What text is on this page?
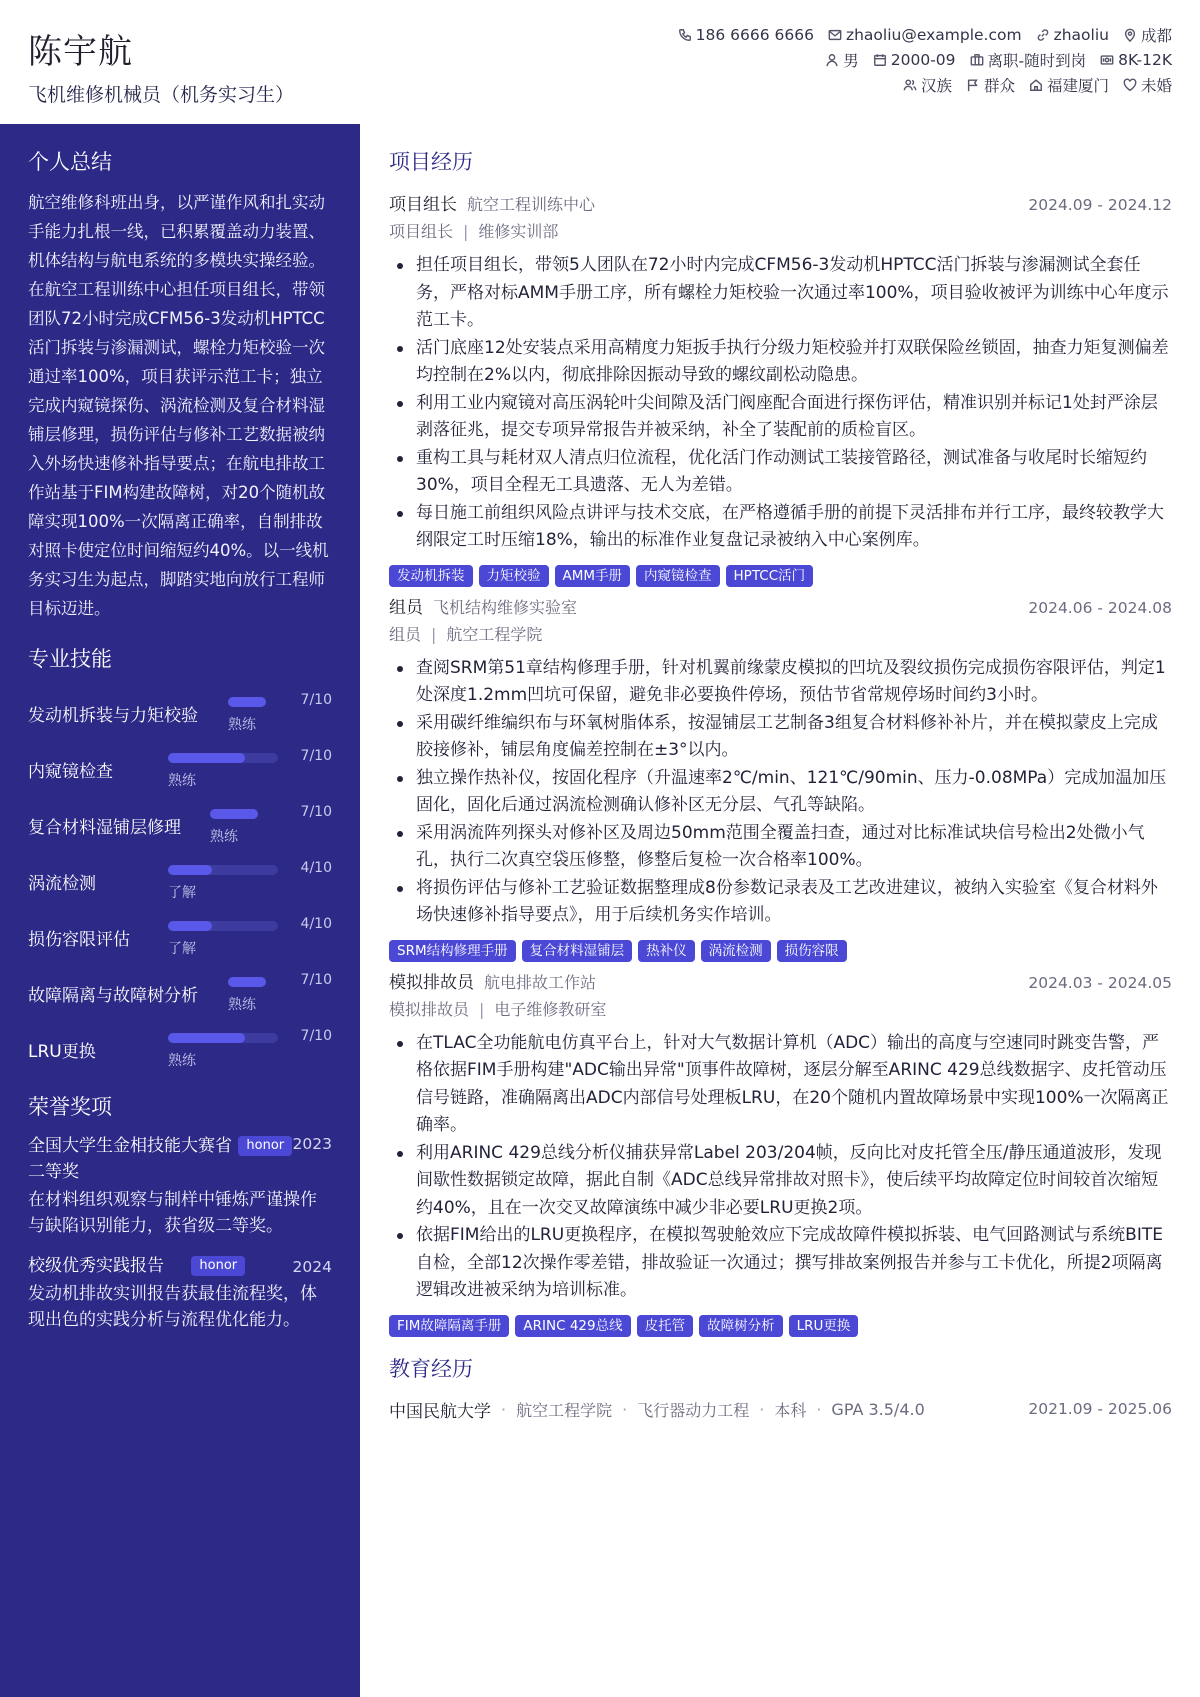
陈宇航
飞机维修机械员（机务实习生）
186 6666 6666 zhaoliu@example.com zhaoliu 成都
男 2000-09 离职-随时到岗 8K-12K
汉族 群众 福建厦门 未婚
个人总结
航空维修科班出身，以严谨作风和扎实动手能力扎根一线，已积累覆盖动力装置、机体结构与航电系统的多模块实操经验。在航空工程训练中心担任项目组长，带领团队72小时完成CFM56-3发动机HPTCC活门拆装与渗漏测试，螺栓力矩校验一次通过率100%，项目获评示范工卡；独立完成内窥镜探伤、涡流检测及复合材料湿铺层修理，损伤评估与修补工艺数据被纳入外场快速修补指导要点；在航电排故工作站基于FIM构建故障树，对20个随机故障实现100%一次隔离正确率，自制排故对照卡使定位时间缩短约40%。以一线机务实习生为起点，脚踏实地向放行工程师目标迈进。
专业技能
发动机拆装与力矩校验 熟练
7/10
内窥镜检查	熟练
7/10
复合材料湿铺层修理 熟练
7/10
涡流检测	了解
4/10
损伤容限评估	了解
4/10
故障隔离与故障树分析 熟练
7/10
LRU更换	熟练
7/10
荣誉奖项
全国大学生金相技能大赛省二等奖
honor 2023
在材料组织观察与制样中锤炼严谨操作与缺陷识别能力，获省级二等奖。
校级优秀实践报告	honor	2024
发动机排故实训报告获最佳流程奖，体现出色的实践分析与流程优化能力。
项目经历
项目组长 航空工程训练中心	2024.09 - 2024.12
项目组长 | 维修实训部
担任项目组长，带领5人团队在72小时内完成CFM56-3发动机HPTCC活门拆装与渗漏测试全套任务，严格对标AMM手册工序，所有螺栓力矩校验一次通过率100%，项目验收被评为训练中心年度示范工卡。
活门底座12处安装点采用高精度力矩扳手执行分级力矩校验并打双联保险丝锁固，抽查力矩复测偏差均控制在2%以内，彻底排除因振动导致的螺纹副松动隐患。
利用工业内窥镜对高压涡轮叶尖间隙及活门阀座配合面进行探伤评估，精准识别并标记1处封严涂层剥落征兆，提交专项异常报告并被采纳，补全了装配前的质检盲区。
重构工具与耗材双人清点归位流程，优化活门作动测试工装接管路径，测试准备与收尾时长缩短约30%，项目全程无工具遗落、无人为差错。
每日施工前组织风险点讲评与技术交底，在严格遵循手册的前提下灵活排布并行工序，最终较教学大纲限定工时压缩18%，输出的标准作业复盘记录被纳入中心案例库。
发动机拆装	力矩校验	AMM手册	内窥镜检查	HPTCC活门
组员 飞机结构维修实验室	2024.06 - 2024.08
组员 | 航空工程学院
查阅SRM第51章结构修理手册，针对机翼前缘蒙皮模拟的凹坑及裂纹损伤完成损伤容限评估，判定1处深度1.2mm凹坑可保留，避免非必要换件停场，预估节省常规停场时间约3小时。
采用碳纤维编织布与环氧树脂体系，按湿铺层工艺制备3组复合材料修补补片，并在模拟蒙皮上完成胶接修补，铺层角度偏差控制在±3°以内。
独立操作热补仪，按固化程序（升温速率2℃/min、121℃/90min、压力-0.08MPa）完成加温加压固化，固化后通过涡流检测确认修补区无分层、气孔等缺陷。
采用涡流阵列探头对修补区及周边50mm范围全覆盖扫查，通过对比标准试块信号检出2处微小气孔，执行二次真空袋压修整，修整后复检一次合格率100%。
将损伤评估与修补工艺验证数据整理成8份参数记录表及工艺改进建议，被纳入实验室《复合材料外场快速修补指导要点》，用于后续机务实作培训。
SRM结构修理手册	复合材料湿铺层	热补仪	涡流检测	损伤容限
模拟排故员 航电排故工作站	2024.03 - 2024.05
模拟排故员 | 电子维修教研室
在TLAC全功能航电仿真平台上，针对大气数据计算机（ADC）输出的高度与空速同时跳变告警，严格依据FIM手册构建"ADC输出异常"顶事件故障树，逐层分解至ARINC 429总线数据字、皮托管动压信号链路，准确隔离出ADC内部信号处理板LRU，在20个随机内置故障场景中实现100%一次隔离正确率。
利用ARINC 429总线分析仪捕获异常Label 203/204帧，反向比对皮托管全压/静压通道波形，发现间歇性数据锁定故障，据此自制《ADC总线异常排故对照卡》，使后续平均故障定位时间较首次缩短约40%，且在一次交叉故障演练中减少非必要LRU更换2项。
依据FIM给出的LRU更换程序，在模拟驾驶舱效应下完成故障件模拟拆装、电气回路测试与系统BITE自检，全部12次操作零差错，排故验证一次通过；撰写排故案例报告并参与工卡优化，所提2项隔离逻辑改进被采纳为培训标准。
FIM故障隔离手册	ARINC 429总线	皮托管	故障树分析	LRU更换
教育经历
中国民航大学 · 航空工程学院 · 飞行器动力工程 · 本科 · GPA 3.5/4.0	2021.09 - 2025.06
